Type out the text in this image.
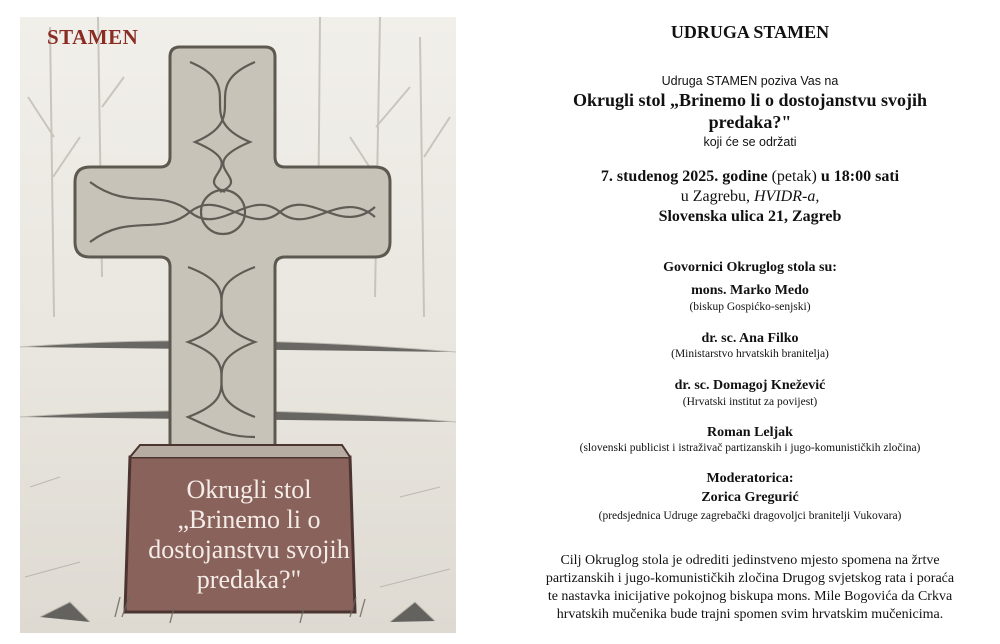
STAMEN
Okrugli stol
„Brinemo li o
dostojanstvu svojih
predaka?"
UDRUGA STAMEN
Udruga STAMEN poziva Vas na
Okrugli stol „Brinemo li o dostojanstvu svojih
predaka?"
koji će se održati
7. studenog 2025. godine (petak) u 18:00 sati
u Zagrebu, HVIDR-a,
Slovenska ulica 21, Zagreb
Govornici Okruglog stola su:
mons. Marko Medo
(biskup Gospićko-senjski)
dr. sc. Ana Filko
(Ministarstvo hrvatskih branitelja)
dr. sc. Domagoj Knežević
(Hrvatski institut za povijest)
Roman Leljak
(slovenski publicist i istraživač partizanskih i jugo-komunističkih zločina)
Moderatorica:
Zorica Gregurić
(predsjednica Udruge zagrebački dragovoljci branitelji Vukovara)
Cilj Okruglog stola je odrediti jedinstveno mjesto spomena na žrtve
partizanskih i jugo-komunističkih zločina Drugog svjetskog rata i poraća
te nastavka inicijative pokojnog biskupa mons. Mile Bogovića da Crkva
hrvatskih mučenika bude trajni spomen svim hrvatskim mučenicima.
